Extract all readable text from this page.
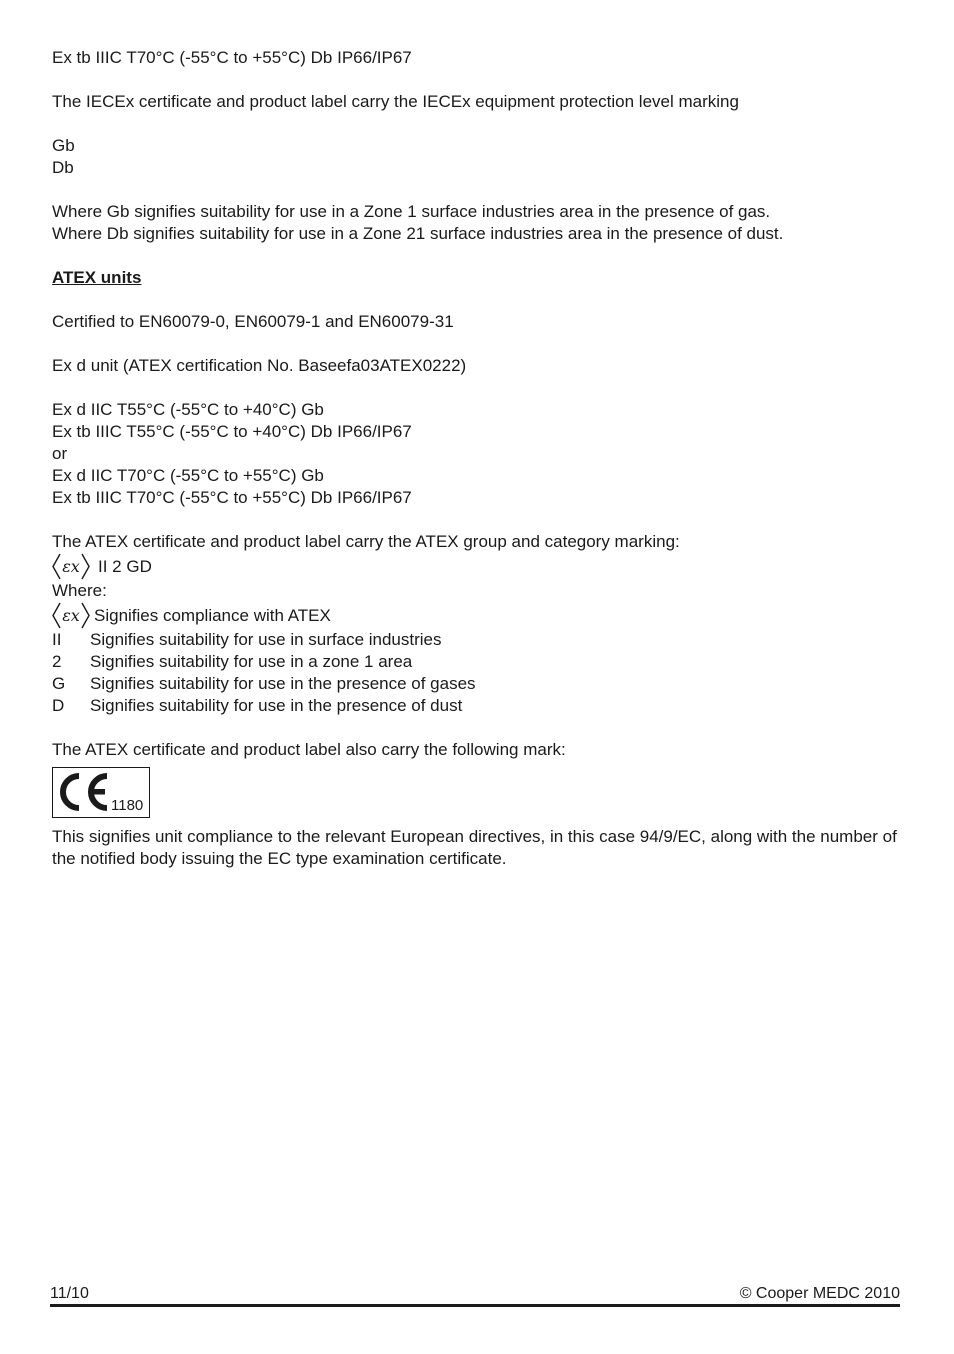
Ex tb IIIC T70°C (-55°C to +55°C) Db IP66/IP67
The IECEx certificate and product label carry the IECEx equipment protection level marking
Gb
Db
Where Gb signifies suitability for use in a Zone 1 surface industries area in the presence of gas.
Where Db signifies suitability for use in a Zone 21 surface industries area in the presence of dust.
ATEX units
Certified to EN60079-0, EN60079-1 and EN60079-31
Ex d unit (ATEX certification No. Baseefa03ATEX0222)
Ex d IIC T55°C (-55°C to +40°C) Gb
Ex tb IIIC T55°C (-55°C to +40°C) Db IP66/IP67
or
Ex d IIC T70°C (-55°C to +55°C) Gb
Ex tb IIIC T70°C (-55°C to +55°C) Db IP66/IP67
The ATEX certificate and product label carry the ATEX group and category marking:
εx II 2 GD
Where:
εx Signifies compliance with ATEX
II	Signifies suitability for use in surface industries
2	Signifies suitability for use in a zone 1 area
G	Signifies suitability for use in the presence of gases
D	Signifies suitability for use in the presence of dust
The ATEX certificate and product label also carry the following mark:
1180
This signifies unit compliance to the relevant European directives, in this case 94/9/EC, along with the number of the notified body issuing the EC type examination certificate.
11/10	© Cooper MEDC 2010
